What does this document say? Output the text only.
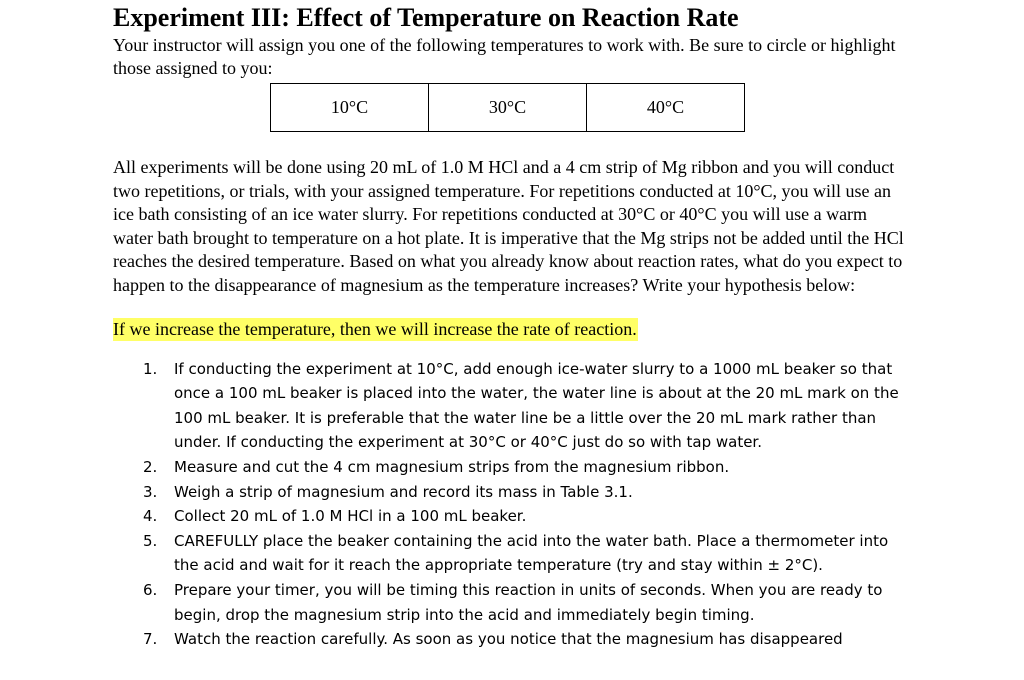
Experiment III: Effect of Temperature on Reaction Rate

Your instructor will assign you one of the following temperatures to work with. Be sure to circle or highlight those assigned to you:

10°C	30°C	40°C

All experiments will be done using 20 mL of 1.0 M HCl and a 4 cm strip of Mg ribbon and you will conduct two repetitions, or trials, with your assigned temperature. For repetitions conducted at 10°C, you will use an ice bath consisting of an ice water slurry. For repetitions conducted at 30°C or 40°C you will use a warm water bath brought to temperature on a hot plate. It is imperative that the Mg strips not be added until the HCl reaches the desired temperature. Based on what you already know about reaction rates, what do you expect to happen to the disappearance of magnesium as the temperature increases? Write your hypothesis below:

If we increase the temperature, then we will increase the rate of reaction.

1.	If conducting the experiment at 10°C, add enough ice-water slurry to a 1000 mL beaker so that once a 100 mL beaker is placed into the water, the water line is about at the 20 mL mark on the 100 mL beaker. It is preferable that the water line be a little over the 20 mL mark rather than under. If conducting the experiment at 30°C or 40°C just do so with tap water.
2.	Measure and cut the 4 cm magnesium strips from the magnesium ribbon.
3.	Weigh a strip of magnesium and record its mass in Table 3.1.
4.	Collect 20 mL of 1.0 M HCl in a 100 mL beaker.
5.	CAREFULLY place the beaker containing the acid into the water bath. Place a thermometer into the acid and wait for it reach the appropriate temperature (try and stay within ± 2°C).
6.	Prepare your timer, you will be timing this reaction in units of seconds. When you are ready to begin, drop the magnesium strip into the acid and immediately begin timing.
7.	Watch the reaction carefully. As soon as you notice that the magnesium has disappeared
